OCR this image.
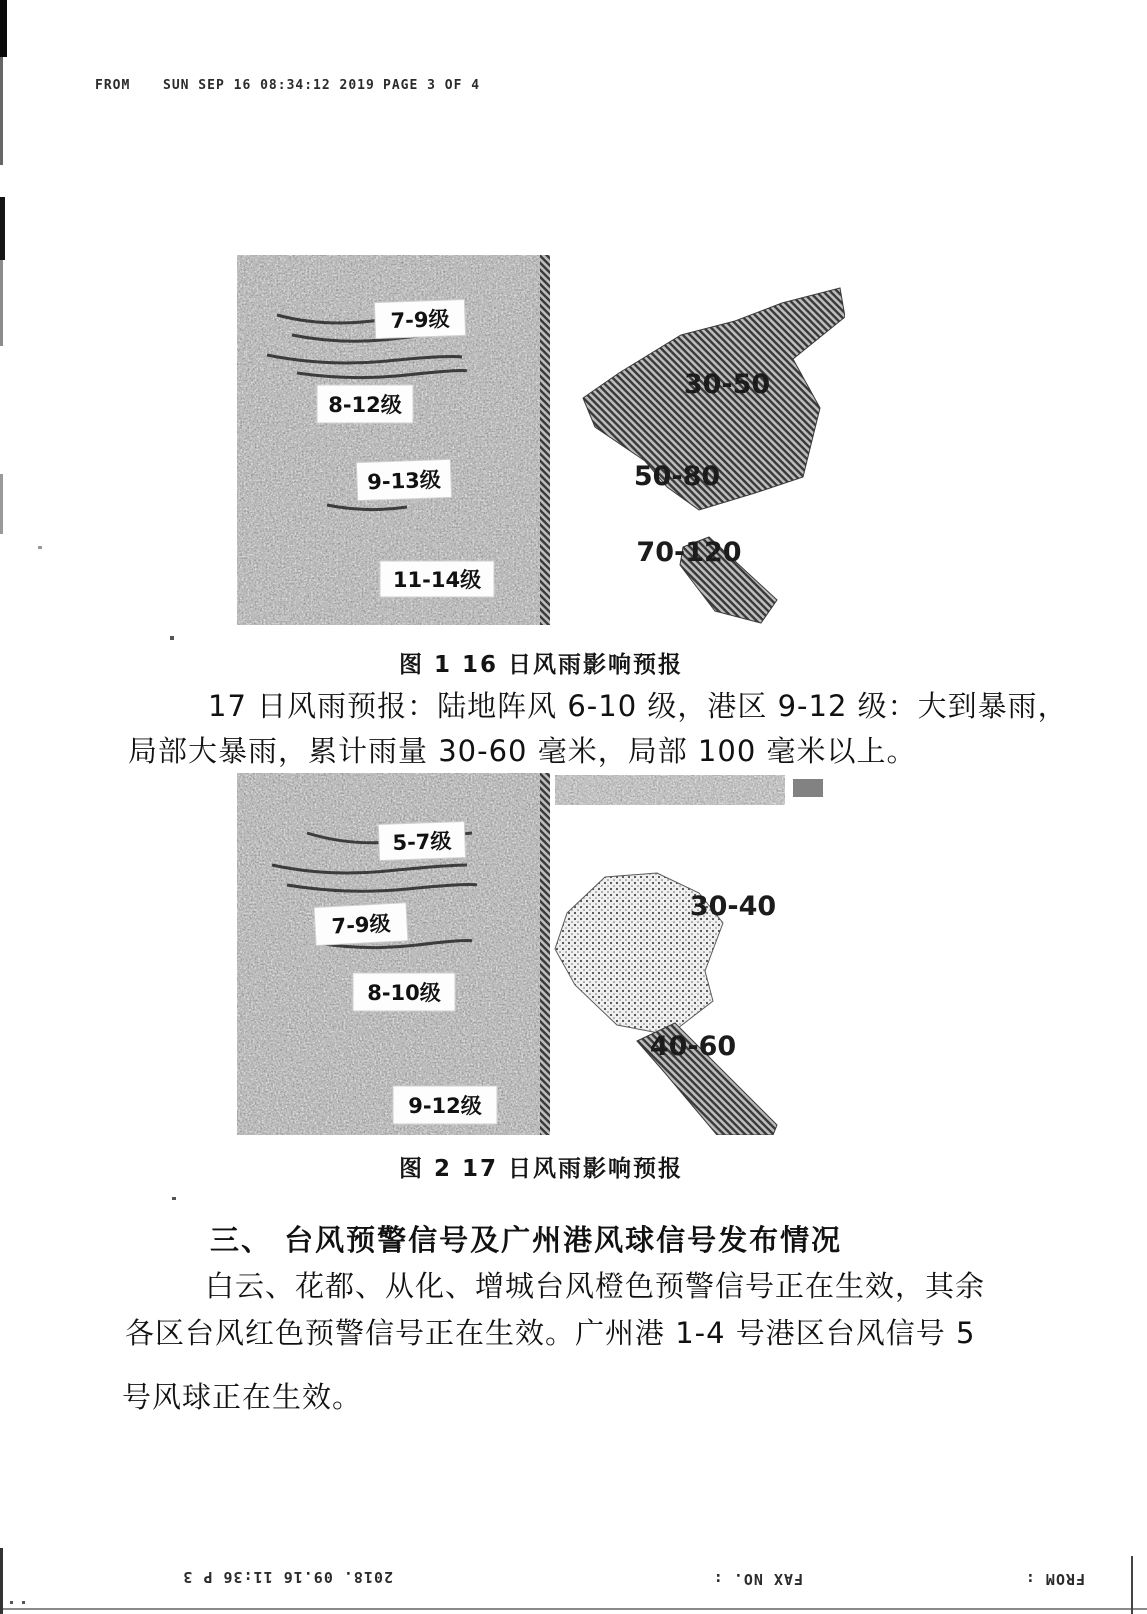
FROM	SUN SEP 16 08:34:12 2019 PAGE 3 OF 4
7-9级
8-12级
9-13级
11-14级
30-50
50-80
70-120
图 1 16 日风雨影响预报
17 日风雨预报：陆地阵风 6-10 级，港区 9-12 级：大到暴雨，
局部大暴雨，累计雨量 30-60 毫米，局部 100 毫米以上。
5-7级
7-9级
8-10级
9-12级
30-40
40-60
图 2 17 日风雨影响预报
三、 台风预警信号及广州港风球信号发布情况
白云、花都、从化、增城台风橙色预警信号正在生效，其余
各区台风红色预警信号正在生效。广州港 1-4 号港区台风信号 5
号风球正在生效。
2018. 09.16 11:36 P 3	FAX NO. :	FROM :
